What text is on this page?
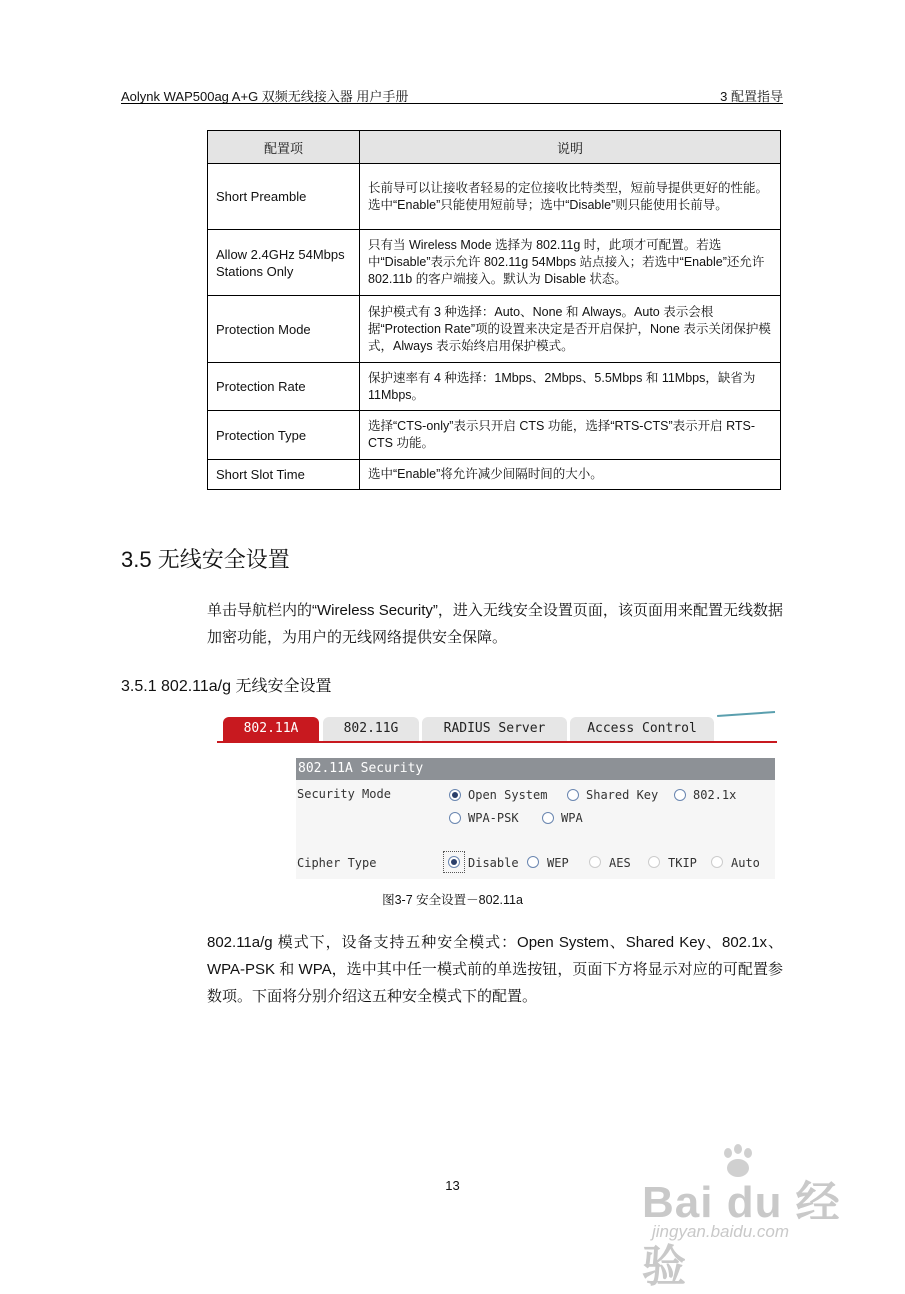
Aolynk WAP500ag A+G 双频无线接入器 用户手册	3 配置指导
配置项	说明
Short Preamble	长前导可以让接收者轻易的定位接收比特类型，短前导提供更好的性能。选中“Enable”只能使用短前导；选中“Disable”则只能使用长前导。
Allow 2.4GHz 54Mbps Stations Only	只有当 Wireless Mode 选择为 802.11g 时，此项才可配置。若选中“Disable”表示允许 802.11g 54Mbps 站点接入；若选中“Enable”还允许 802.11b 的客户端接入。默认为 Disable 状态。
Protection Mode	保护模式有 3 种选择：Auto、None 和 Always。Auto 表示会根据“Protection Rate”项的设置来决定是否开启保护，None 表示关闭保护模式，Always 表示始终启用保护模式。
Protection Rate	保护速率有 4 种选择：1Mbps、2Mbps、5.5Mbps 和 11Mbps，缺省为 11Mbps。
Protection Type	选择“CTS-only”表示只开启 CTS 功能，选择“RTS-CTS”表示开启 RTS-CTS 功能。
Short Slot Time	选中“Enable”将允许减少间隔时间的大小。
3.5 无线安全设置
单击导航栏内的“Wireless Security”，进入无线安全设置页面，该页面用来配置无线数据加密功能，为用户的无线网络提供安全保障。
3.5.1 802.11a/g 无线安全设置
802.11A	802.11G	RADIUS Server	Access Control
802.11A Security
Security Mode	Open System	Shared Key	802.1x
WPA-PSK	WPA
Cipher Type	Disable WEP	AES	TKIP	Auto
图3-7 安全设置－802.11a
802.11a/g 模式下，设备支持五种安全模式：Open System、Shared Key、802.1x、WPA-PSK 和 WPA，选中其中任一模式前的单选按钮，页面下方将显示对应的可配置参数项。下面将分别介绍这五种安全模式下的配置。
13	Bai du 经验
jingyan.baidu.com
